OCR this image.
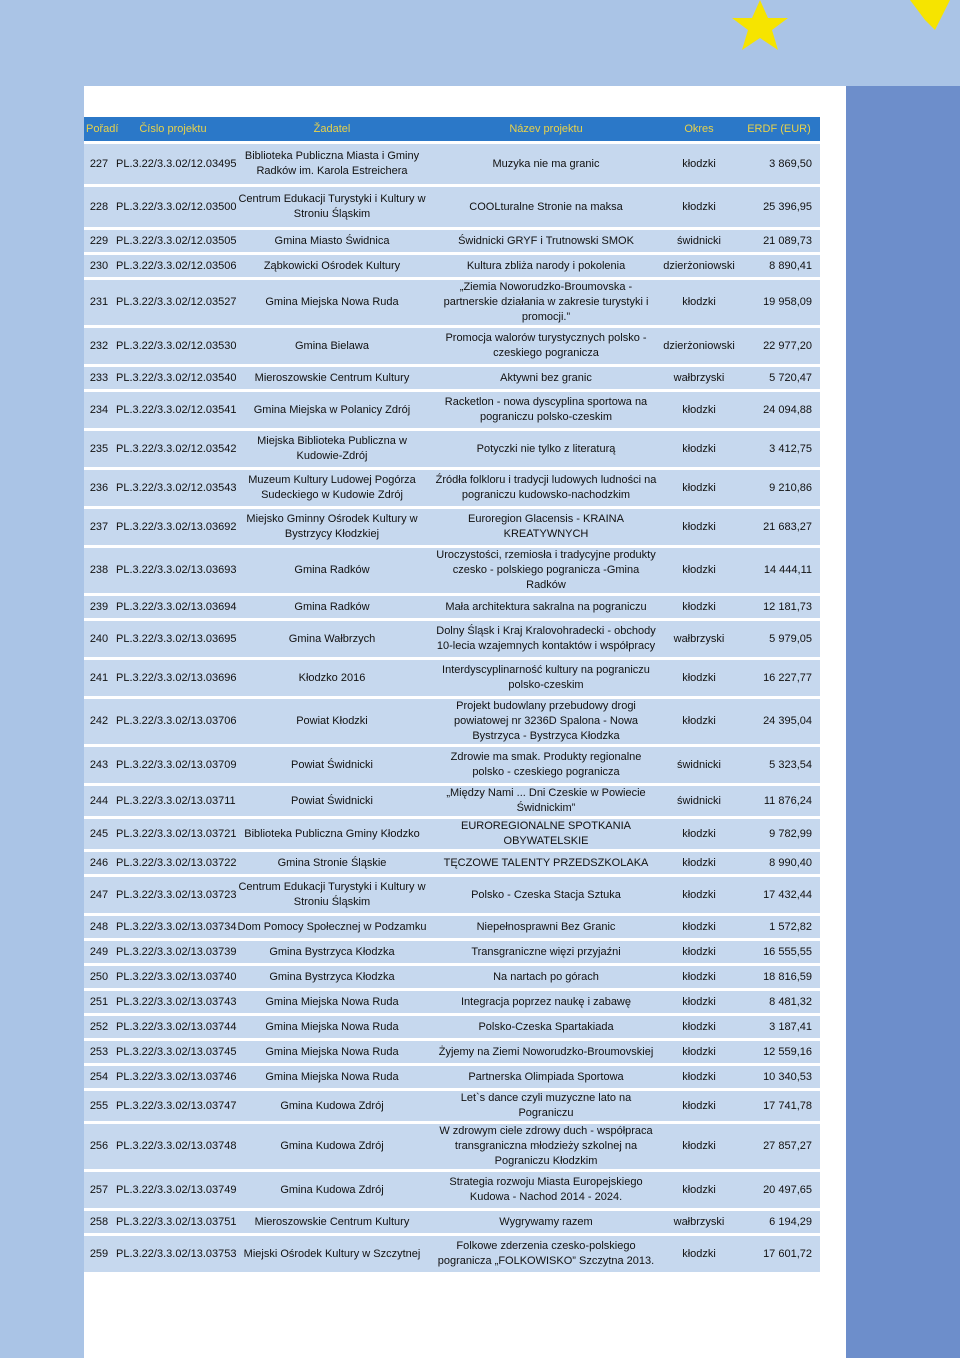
Pořadí	Číslo projektu	Žadatel	Název projektu	Okres	ERDF (EUR)
227	PL.3.22/3.3.02/12.03495	Biblioteka Publiczna Miasta i Gminy Radków im. Karola Estreichera	Muzyka nie ma granic	kłodzki	3 869,50
228	PL.3.22/3.3.02/12.03500	Centrum Edukacji Turystyki i Kultury w Stroniu Śląskim	COOLturalne Stronie na maksa	kłodzki	25 396,95
229	PL.3.22/3.3.02/12.03505	Gmina Miasto Świdnica	Świdnicki GRYF i Trutnowski SMOK	świdnicki	21 089,73
230	PL.3.22/3.3.02/12.03506	Ząbkowicki Ośrodek Kultury	Kultura zbliża narody i pokolenia	dzierżoniowski	8 890,41
231	PL.3.22/3.3.02/12.03527	Gmina Miejska Nowa Ruda	„Ziemia Noworudzko-Broumovska - partnerskie działania w zakresie turystyki i promocji.”	kłodzki	19 958,09
232	PL.3.22/3.3.02/12.03530	Gmina Bielawa	Promocja walorów turystycznych polsko - czeskiego pogranicza	dzierżoniowski	22 977,20
233	PL.3.22/3.3.02/12.03540	Mieroszowskie Centrum Kultury	Aktywni bez granic	wałbrzyski	5 720,47
234	PL.3.22/3.3.02/12.03541	Gmina Miejska w Polanicy Zdrój	Racketlon - nowa dyscyplina sportowa na pograniczu polsko-czeskim	kłodzki	24 094,88
235	PL.3.22/3.3.02/12.03542	Miejska Biblioteka Publiczna w Kudowie-Zdrój	Potyczki nie tylko z literaturą	kłodzki	3 412,75
236	PL.3.22/3.3.02/12.03543	Muzeum Kultury Ludowej Pogórza Sudeckiego w Kudowie Zdrój	Źródła folkloru i tradycji ludowych ludności na pograniczu kudowsko-nachodzkim	kłodzki	9 210,86
237	PL.3.22/3.3.02/13.03692	Miejsko Gminny Ośrodek Kultury w Bystrzycy Kłodzkiej	Euroregion Glacensis - KRAINA KREATYWNYCH	kłodzki	21 683,27
238	PL.3.22/3.3.02/13.03693	Gmina Radków	Uroczystości, rzemiosła i tradycyjne produkty czesko - polskiego pogranicza -Gmina Radków	kłodzki	14 444,11
239	PL.3.22/3.3.02/13.03694	Gmina Radków	Mała architektura sakralna na pograniczu	kłodzki	12 181,73
240	PL.3.22/3.3.02/13.03695	Gmina Wałbrzych	Dolny Śląsk i Kraj Kralovohradecki - obchody 10-lecia wzajemnych kontaktów i współpracy	wałbrzyski	5 979,05
241	PL.3.22/3.3.02/13.03696	Kłodzko 2016	Interdyscyplinarność kultury na pograniczu polsko-czeskim	kłodzki	16 227,77
242	PL.3.22/3.3.02/13.03706	Powiat Kłodzki	Projekt budowlany przebudowy drogi powiatowej nr 3236D Spalona - Nowa Bystrzyca - Bystrzyca Kłodzka	kłodzki	24 395,04
243	PL.3.22/3.3.02/13.03709	Powiat Świdnicki	Zdrowie ma smak. Produkty regionalne polsko - czeskiego pogranicza	świdnicki	5 323,54
244	PL.3.22/3.3.02/13.03711	Powiat Świdnicki	„Między Nami ... Dni Czeskie w Powiecie Świdnickim”	świdnicki	11 876,24
245	PL.3.22/3.3.02/13.03721	Biblioteka Publiczna Gminy Kłodzko	EUROREGIONALNE SPOTKANIA OBYWATELSKIE	kłodzki	9 782,99
246	PL.3.22/3.3.02/13.03722	Gmina Stronie Śląskie	TĘCZOWE TALENTY PRZEDSZKOLAKA	kłodzki	8 990,40
247	PL.3.22/3.3.02/13.03723	Centrum Edukacji Turystyki i Kultury w Stroniu Śląskim	Polsko - Czeska Stacja Sztuka	kłodzki	17 432,44
248	PL.3.22/3.3.02/13.03734	Dom Pomocy Społecznej w Podzamku	Niepełnosprawni Bez Granic	kłodzki	1 572,82
249	PL.3.22/3.3.02/13.03739	Gmina Bystrzyca Kłodzka	Transgraniczne więzi przyjaźni	kłodzki	16 555,55
250	PL.3.22/3.3.02/13.03740	Gmina Bystrzyca Kłodzka	Na nartach po górach	kłodzki	18 816,59
251	PL.3.22/3.3.02/13.03743	Gmina Miejska Nowa Ruda	Integracja poprzez naukę i zabawę	kłodzki	8 481,32
252	PL.3.22/3.3.02/13.03744	Gmina Miejska Nowa Ruda	Polsko-Czeska Spartakiada	kłodzki	3 187,41
253	PL.3.22/3.3.02/13.03745	Gmina Miejska Nowa Ruda	Żyjemy na Ziemi Noworudzko-Broumovskiej	kłodzki	12 559,16
254	PL.3.22/3.3.02/13.03746	Gmina Miejska Nowa Ruda	Partnerska Olimpiada Sportowa	kłodzki	10 340,53
255	PL.3.22/3.3.02/13.03747	Gmina Kudowa Zdrój	Let`s dance czyli muzyczne lato na Pograniczu	kłodzki	17 741,78
256	PL.3.22/3.3.02/13.03748	Gmina Kudowa Zdrój	W zdrowym ciele zdrowy duch - współpraca transgraniczna młodzieży szkolnej na Pograniczu Kłodzkim	kłodzki	27 857,27
257	PL.3.22/3.3.02/13.03749	Gmina Kudowa Zdrój	Strategia rozwoju Miasta Europejskiego Kudowa - Nachod 2014 - 2024.	kłodzki	20 497,65
258	PL.3.22/3.3.02/13.03751	Mieroszowskie Centrum Kultury	Wygrywamy razem	wałbrzyski	6 194,29
259	PL.3.22/3.3.02/13.03753	Miejski Ośrodek Kultury w Szczytnej	Folkowe zderzenia czesko-polskiego pogranicza „FOLKOWISKO” Szczytna 2013.	kłodzki	17 601,72
19
